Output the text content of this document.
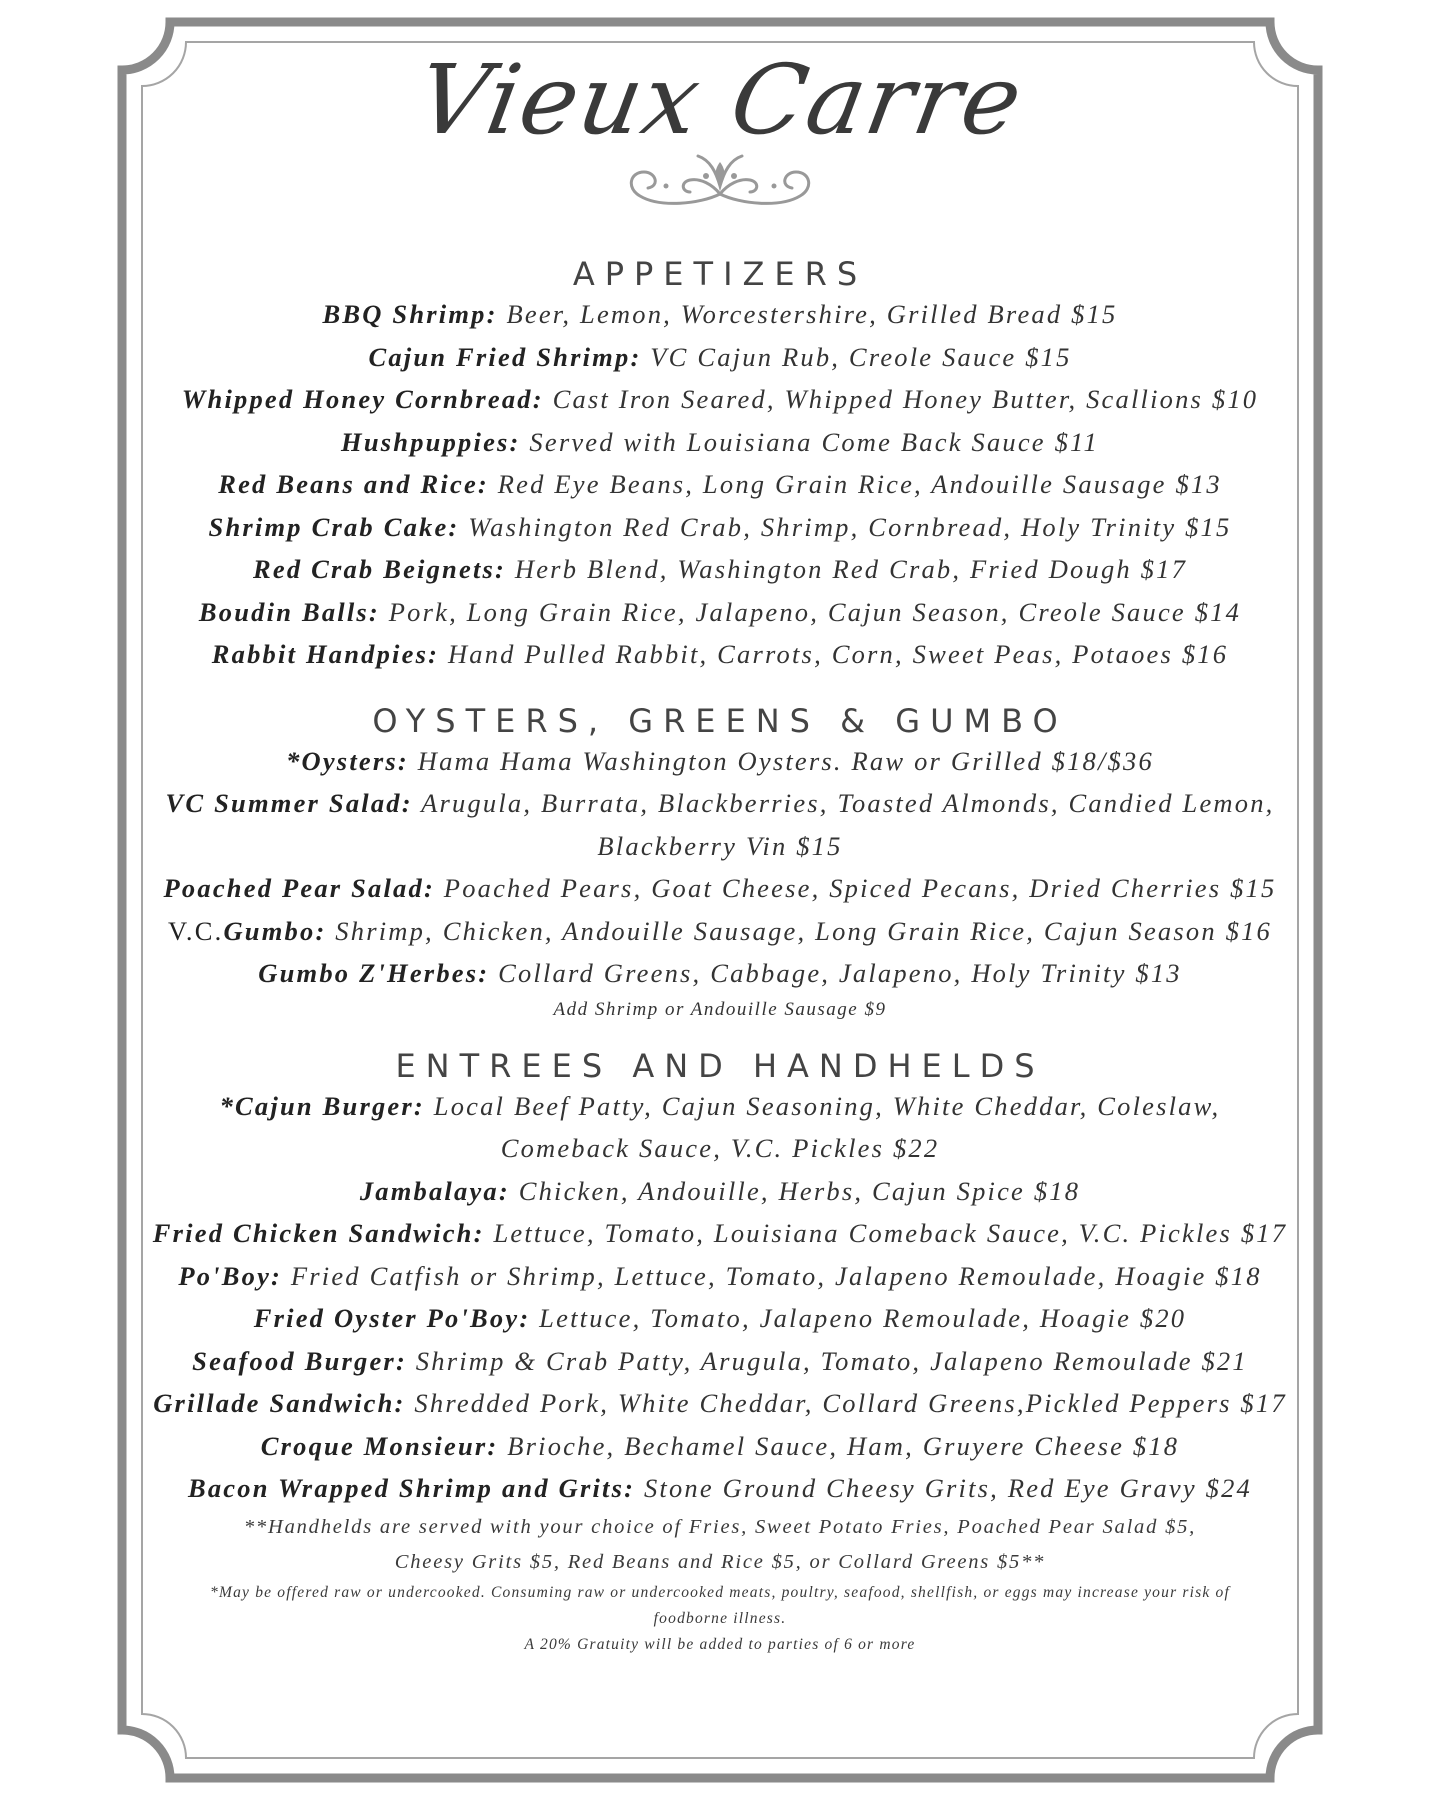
Vieux Carre
APPETIZERS
BBQ Shrimp: Beer, Lemon, Worcestershire, Grilled Bread $15
Cajun Fried Shrimp: VC Cajun Rub, Creole Sauce $15
Whipped Honey Cornbread: Cast Iron Seared, Whipped Honey Butter, Scallions $10
Hushpuppies: Served with Louisiana Come Back Sauce $11
Red Beans and Rice: Red Eye Beans, Long Grain Rice, Andouille Sausage $13
Shrimp Crab Cake: Washington Red Crab, Shrimp, Cornbread, Holy Trinity $15
Red Crab Beignets: Herb Blend, Washington Red Crab, Fried Dough $17
Boudin Balls: Pork, Long Grain Rice, Jalapeno, Cajun Season, Creole Sauce $14
Rabbit Handpies: Hand Pulled Rabbit, Carrots, Corn, Sweet Peas, Potaoes $16
OYSTERS, GREENS & GUMBO
*Oysters: Hama Hama Washington Oysters. Raw or Grilled $18/$36
VC Summer Salad: Arugula, Burrata, Blackberries, Toasted Almonds, Candied Lemon, Blackberry Vin $15
Poached Pear Salad: Poached Pears, Goat Cheese, Spiced Pecans, Dried Cherries $15
V.C.Gumbo: Shrimp, Chicken, Andouille Sausage, Long Grain Rice, Cajun Season $16
Gumbo Z'Herbes: Collard Greens, Cabbage, Jalapeno, Holy Trinity $13
Add Shrimp or Andouille Sausage $9
ENTREES AND HANDHELDS
*Cajun Burger: Local Beef Patty, Cajun Seasoning, White Cheddar, Coleslaw, Comeback Sauce, V.C. Pickles $22
Jambalaya: Chicken, Andouille, Herbs, Cajun Spice $18
Fried Chicken Sandwich: Lettuce, Tomato, Louisiana Comeback Sauce, V.C. Pickles $17
Po'Boy: Fried Catfish or Shrimp, Lettuce, Tomato, Jalapeno Remoulade, Hoagie $18
Fried Oyster Po'Boy: Lettuce, Tomato, Jalapeno Remoulade, Hoagie $20
Seafood Burger: Shrimp & Crab Patty, Arugula, Tomato, Jalapeno Remoulade $21
Grillade Sandwich: Shredded Pork, White Cheddar, Collard Greens,Pickled Peppers $17
Croque Monsieur: Brioche, Bechamel Sauce, Ham, Gruyere Cheese $18
Bacon Wrapped Shrimp and Grits: Stone Ground Cheesy Grits, Red Eye Gravy $24
**Handhelds are served with your choice of Fries, Sweet Potato Fries, Poached Pear Salad $5,
Cheesy Grits $5, Red Beans and Rice $5, or Collard Greens $5**
*May be offered raw or undercooked. Consuming raw or undercooked meats, poultry, seafood, shellfish, or eggs may increase your risk of
foodborne illness.
A 20% Gratuity will be added to parties of 6 or more
